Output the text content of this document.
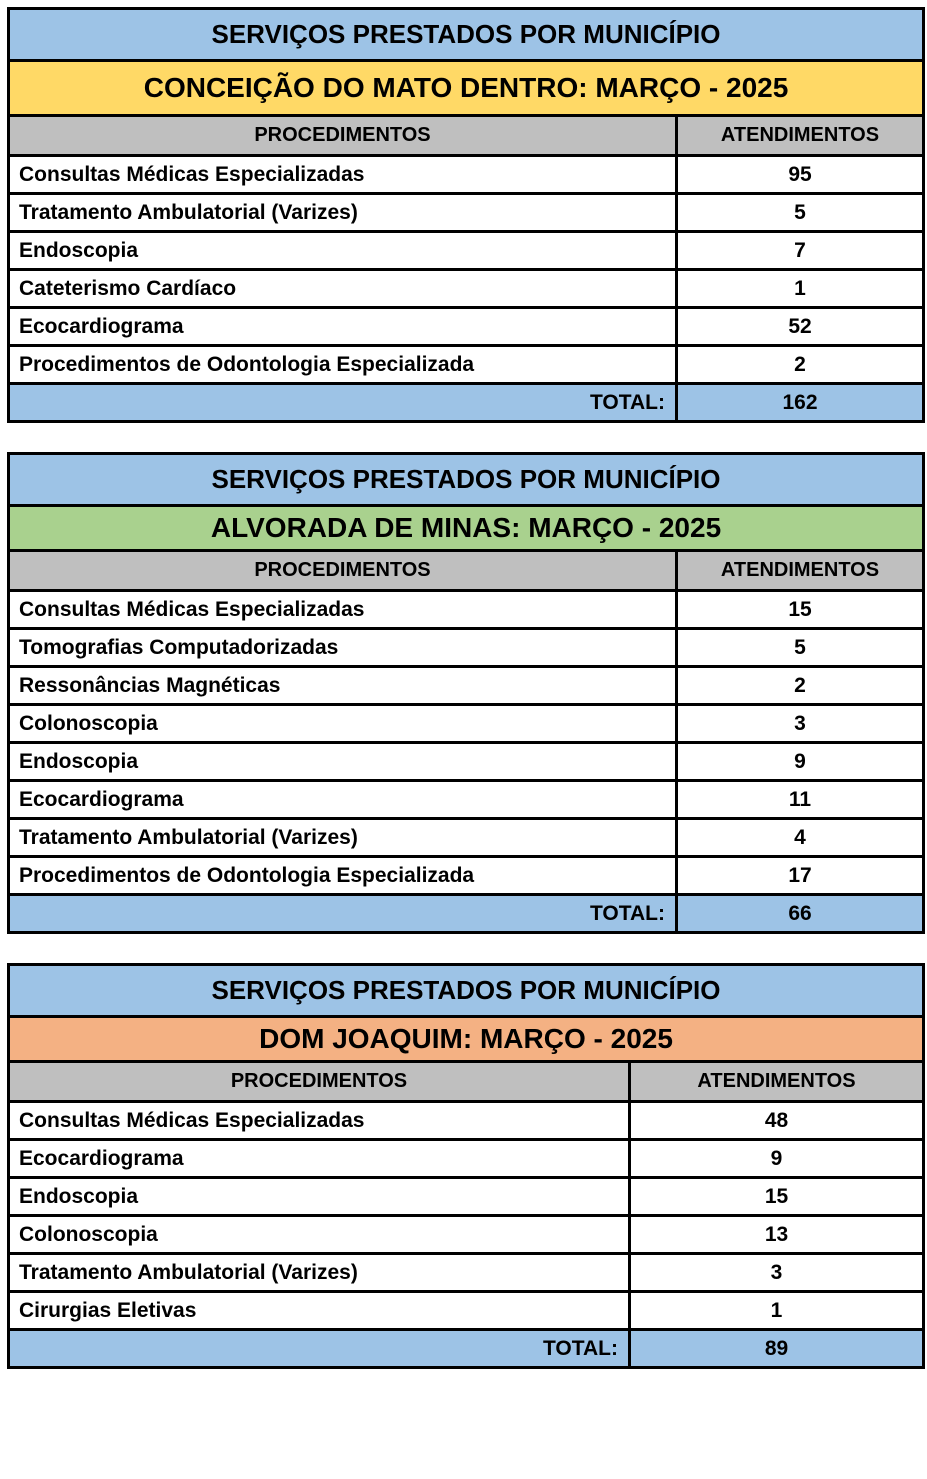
SERVIÇOS PRESTADOS POR MUNICÍPIO	
CONCEIÇÃO DO MATO DENTRO: MARÇO - 2025	
PROCEDIMENTOS	ATENDIMENTOS
Consultas Médicas Especializadas	95
Tratamento Ambulatorial (Varizes)	5
Endoscopia	7
Cateterismo Cardíaco	1
Ecocardiograma	52
Procedimentos de Odontologia Especializada	2
TOTAL:	162
SERVIÇOS PRESTADOS POR MUNICÍPIO	
ALVORADA DE MINAS: MARÇO - 2025	
PROCEDIMENTOS	ATENDIMENTOS
Consultas Médicas Especializadas	15
Tomografias Computadorizadas	5
Ressonâncias Magnéticas	2
Colonoscopia	3
Endoscopia	9
Ecocardiograma	11
Tratamento Ambulatorial (Varizes)	4
Procedimentos de Odontologia Especializada	17
TOTAL:	66
SERVIÇOS PRESTADOS POR MUNICÍPIO	
DOM JOAQUIM: MARÇO - 2025	
PROCEDIMENTOS	ATENDIMENTOS
Consultas Médicas Especializadas	48
Ecocardiograma	9
Endoscopia	15
Colonoscopia	13
Tratamento Ambulatorial (Varizes)	3
Cirurgias Eletivas	1
TOTAL:	89
